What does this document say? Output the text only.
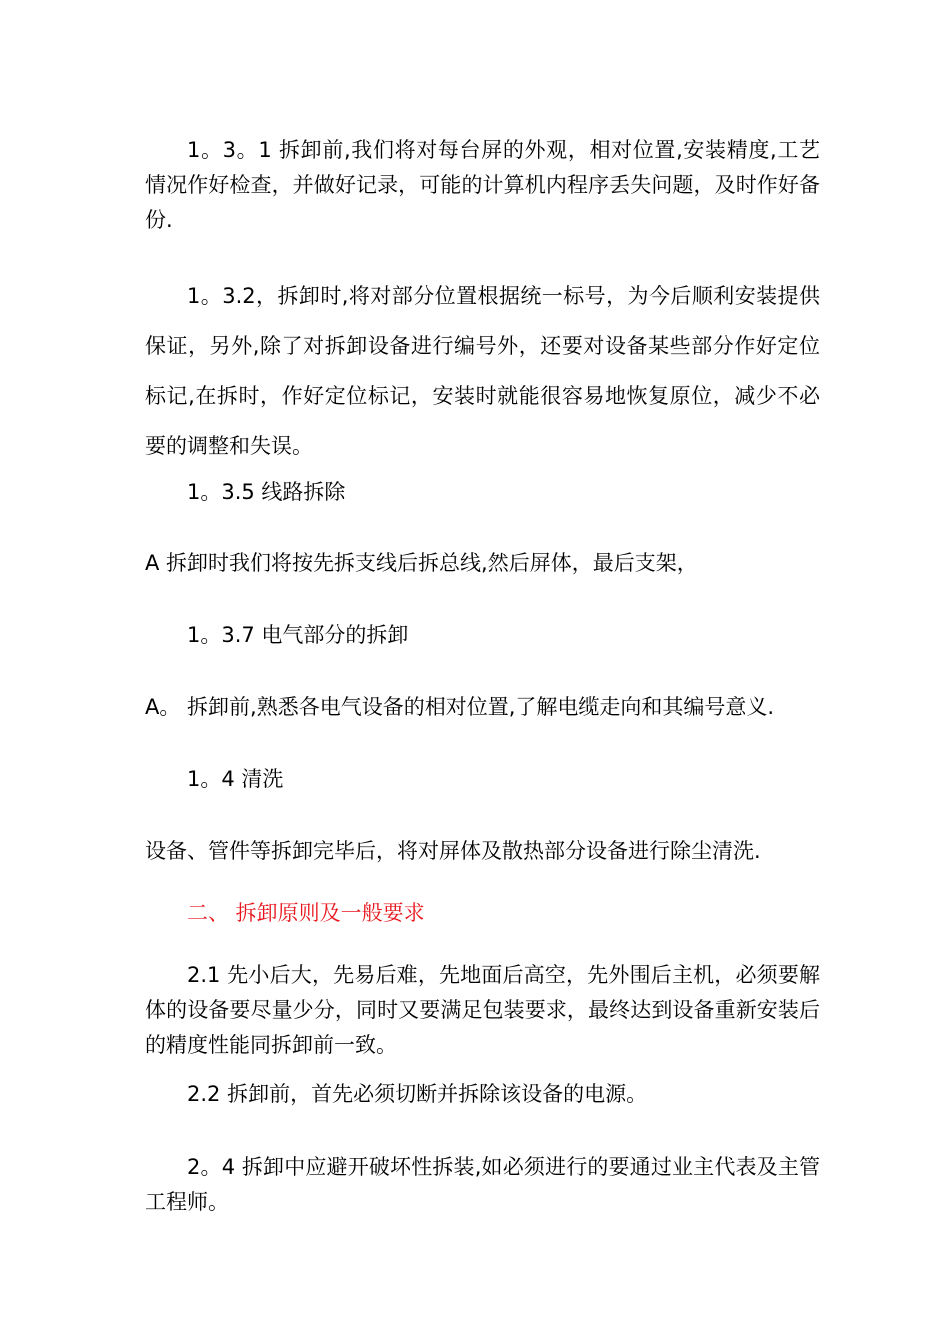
1。3。1 拆卸前,我们将对每台屏的外观，相对位置,安装精度,工艺情况作好检查，并做好记录，可能的计算机内程序丢失问题，及时作好备份.

1。3.2，拆卸时,将对部分位置根据统一标号，为今后顺利安装提供保证，另外,除了对拆卸设备进行编号外，还要对设备某些部分作好定位标记,在拆时，作好定位标记，安装时就能很容易地恢复原位，减少不必要的调整和失误。

1。3.5 线路拆除

A 拆卸时我们将按先拆支线后拆总线,然后屏体，最后支架，

1。3.7 电气部分的拆卸

A。 拆卸前,熟悉各电气设备的相对位置,了解电缆走向和其编号意义.

1。4 清洗

设备、管件等拆卸完毕后，将对屏体及散热部分设备进行除尘清洗.

二、 拆卸原则及一般要求

2.1 先小后大，先易后难，先地面后高空，先外围后主机，必须要解体的设备要尽量少分，同时又要满足包装要求，最终达到设备重新安装后的精度性能同拆卸前一致。

2.2 拆卸前，首先必须切断并拆除该设备的电源。

2。4 拆卸中应避开破坏性拆装,如必须进行的要通过业主代表及主管工程师。
